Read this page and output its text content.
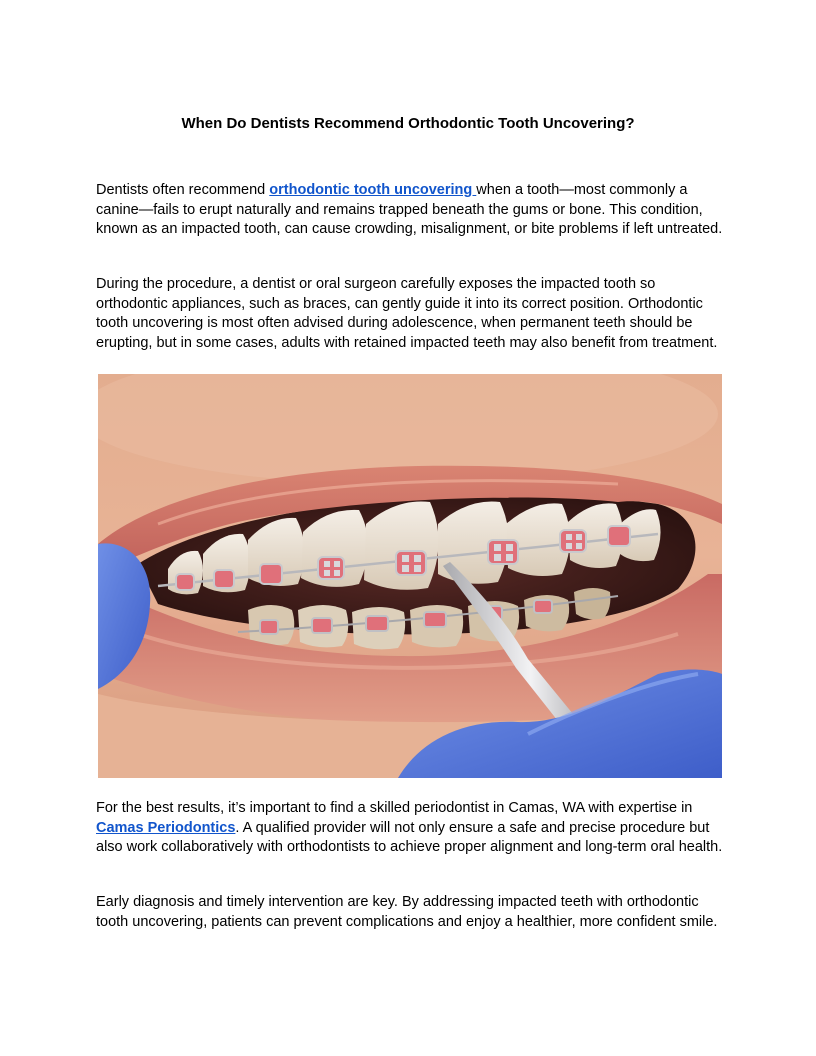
When Do Dentists Recommend Orthodontic Tooth Uncovering?

Dentists often recommend orthodontic tooth uncovering when a tooth—most commonly a canine—fails to erupt naturally and remains trapped beneath the gums or bone. This condition, known as an impacted tooth, can cause crowding, misalignment, or bite problems if left untreated.

During the procedure, a dentist or oral surgeon carefully exposes the impacted tooth so orthodontic appliances, such as braces, can gently guide it into its correct position. Orthodontic tooth uncovering is most often advised during adolescence, when permanent teeth should be erupting, but in some cases, adults with retained impacted teeth may also benefit from treatment.

For the best results, it’s important to find a skilled periodontist in Camas, WA with expertise in Camas Periodontics. A qualified provider will not only ensure a safe and precise procedure but also work collaboratively with orthodontists to achieve proper alignment and long-term oral health.

Early diagnosis and timely intervention are key. By addressing impacted teeth with orthodontic tooth uncovering, patients can prevent complications and enjoy a healthier, more confident smile.
